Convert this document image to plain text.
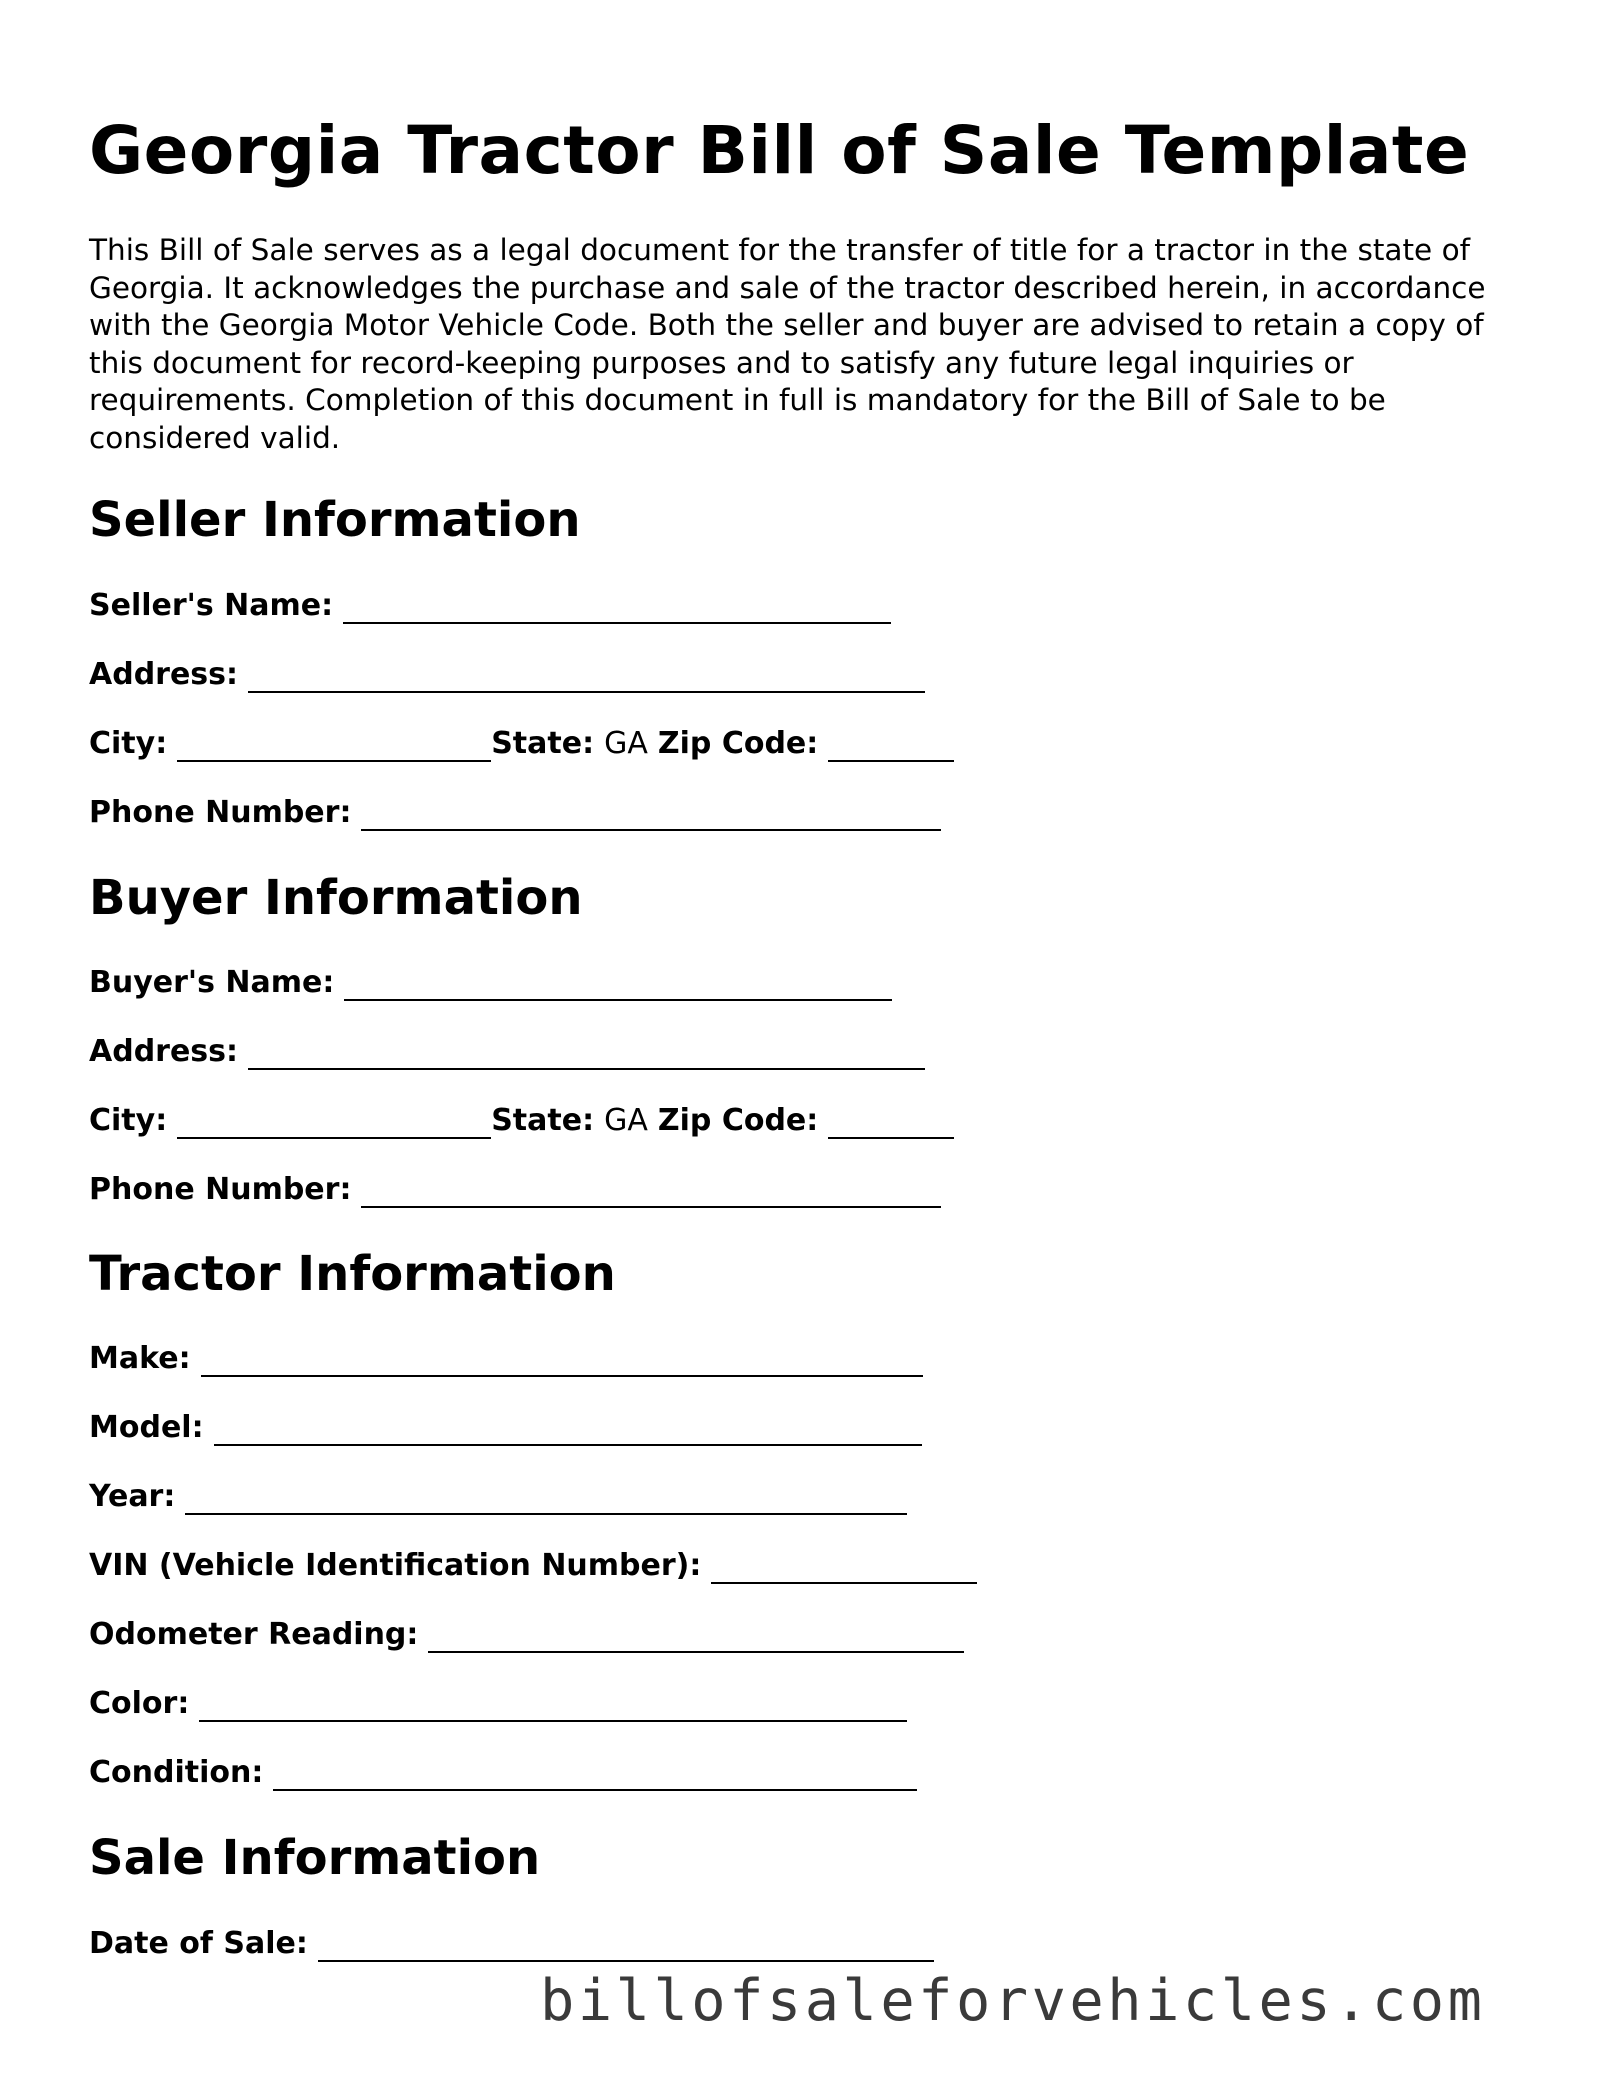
Georgia Tractor Bill of Sale Template

This Bill of Sale serves as a legal document for the transfer of title for a tractor in the state of Georgia. It acknowledges the purchase and sale of the tractor described herein, in accordance with the Georgia Motor Vehicle Code. Both the seller and buyer are advised to retain a copy of this document for record-keeping purposes and to satisfy any future legal inquiries or requirements. Completion of this document in full is mandatory for the Bill of Sale to be considered valid.

Seller Information
Seller's Name:
Address:
City:	State: GA Zip Code:
Phone Number:
Buyer Information
Buyer's Name:
Address:
City:	State: GA Zip Code:
Phone Number:
Tractor Information
Make:
Model:
Year:
VIN (Vehicle Identification Number):
Odometer Reading:
Color:
Condition:
Sale Information
Date of Sale:
billofsaleforvehicles.com
